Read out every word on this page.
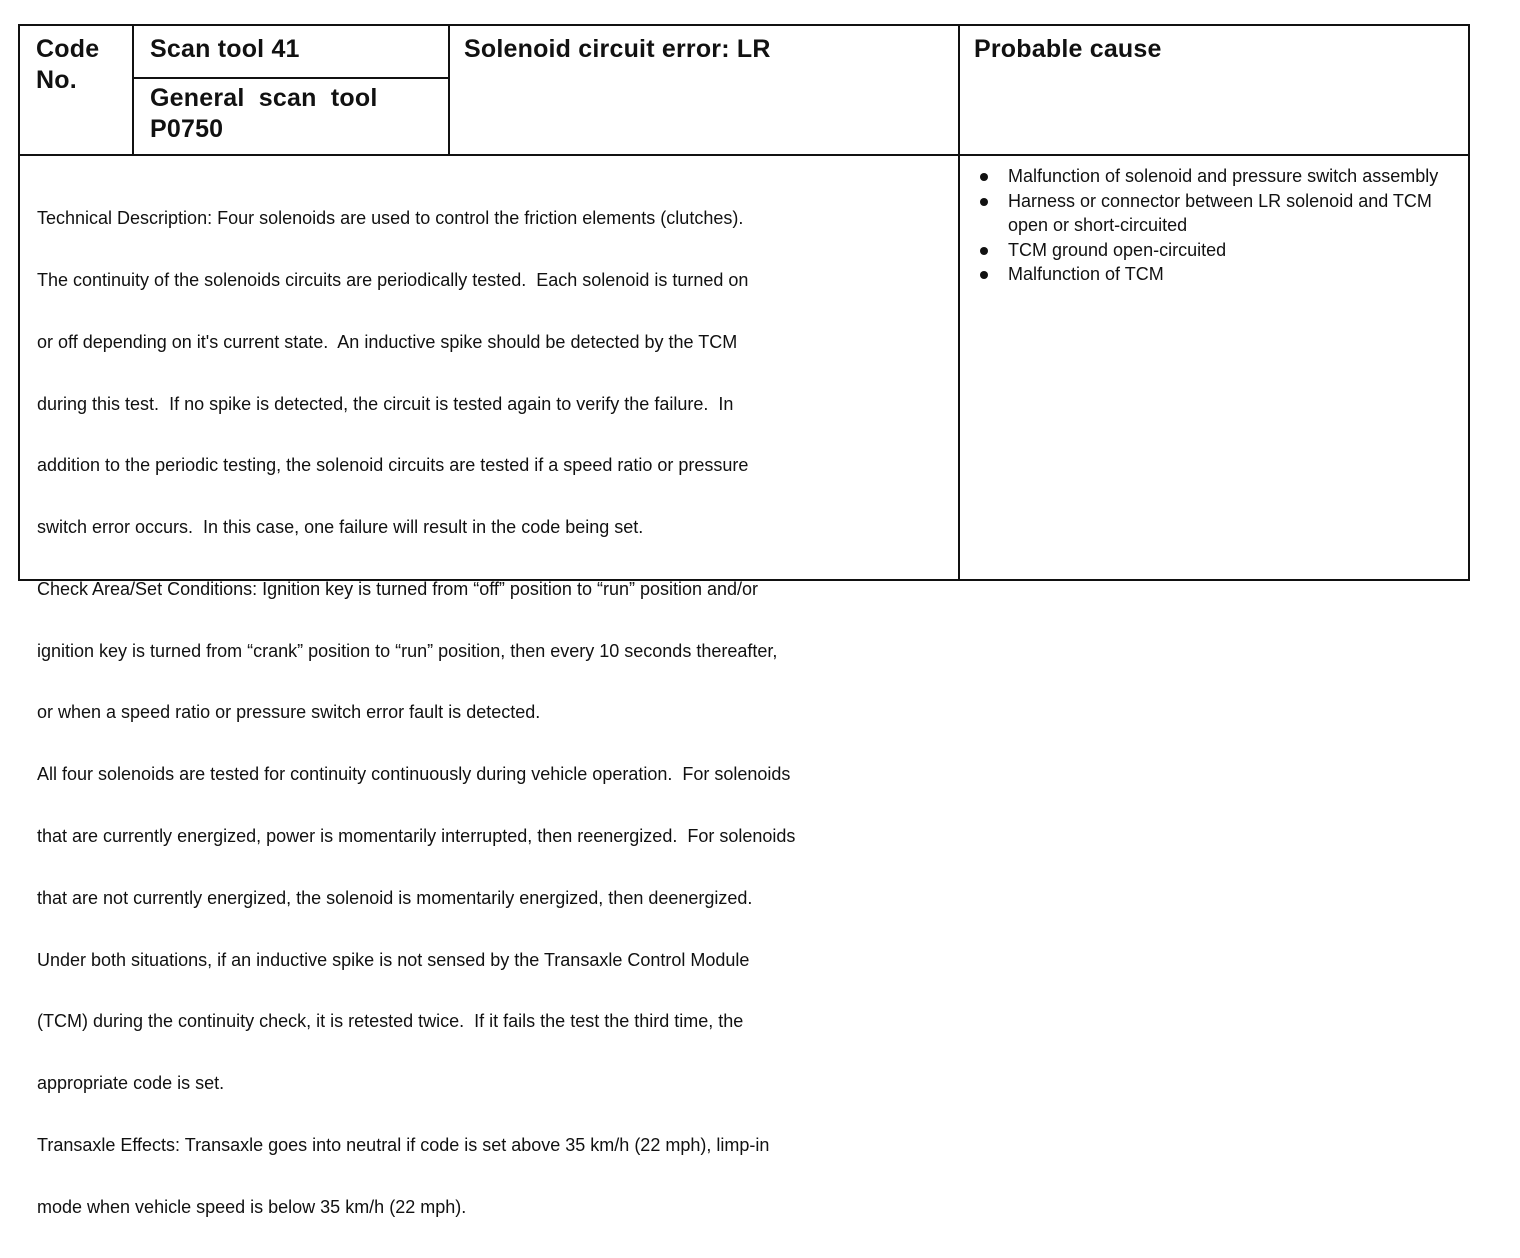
Code
No.
Scan tool 41
General  scan  tool
P0750
Solenoid circuit error: LR	Probable cause

Technical Description: Four solenoids are used to control the friction elements (clutches).

The continuity of the solenoids circuits are periodically tested.  Each solenoid is turned on

or off depending on it's current state.  An inductive spike should be detected by the TCM

during this test.  If no spike is detected, the circuit is tested again to verify the failure.  In

addition to the periodic testing, the solenoid circuits are tested if a speed ratio or pressure

switch error occurs.  In this case, one failure will result in the code being set.

Check Area/Set Conditions: Ignition key is turned from “off” position to “run” position and/or

ignition key is turned from “crank” position to “run” position, then every 10 seconds thereafter,

or when a speed ratio or pressure switch error fault is detected.

All four solenoids are tested for continuity continuously during vehicle operation.  For solenoids

that are currently energized, power is momentarily interrupted, then reenergized.  For solenoids

that are not currently energized, the solenoid is momentarily energized, then deenergized.

Under both situations, if an inductive spike is not sensed by the Transaxle Control Module

(TCM) during the continuity check, it is retested twice.  If it fails the test the third time, the

appropriate code is set.

Transaxle Effects: Transaxle goes into neutral if code is set above 35 km/h (22 mph), limp-in

mode when vehicle speed is below 35 km/h (22 mph).

Malfunction of solenoid and pressure switch assembly
Harness or connector between LR solenoid and TCM open or short-circuited
TCM ground open-circuited
Malfunction of TCM
